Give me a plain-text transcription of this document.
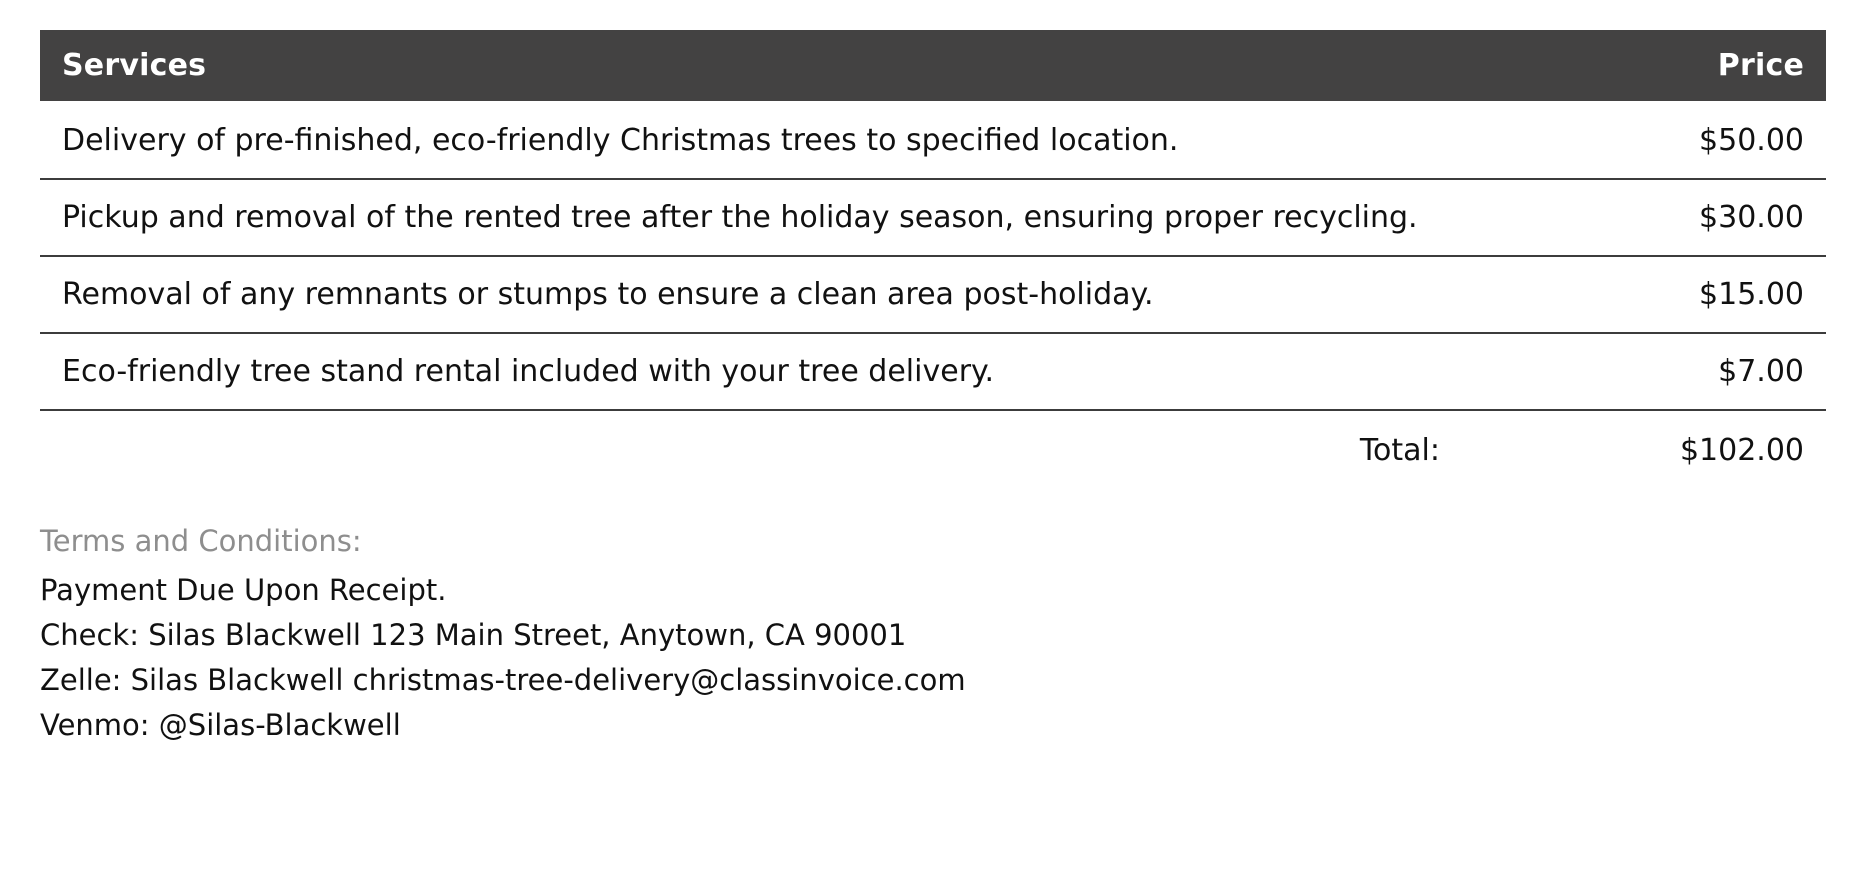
Services	Price
Delivery of pre-finished, eco-friendly Christmas trees to specified location.	$50.00
Pickup and removal of the rented tree after the holiday season, ensuring proper recycling.	$30.00
Removal of any remnants or stumps to ensure a clean area post-holiday.	$15.00
Eco-friendly tree stand rental included with your tree delivery.	$7.00
Total:	$102.00
Terms and Conditions:
Payment Due Upon Receipt.
Check: Silas Blackwell 123 Main Street, Anytown, CA 90001
Zelle: Silas Blackwell christmas-tree-delivery@classinvoice.com
Venmo: @Silas-Blackwell
